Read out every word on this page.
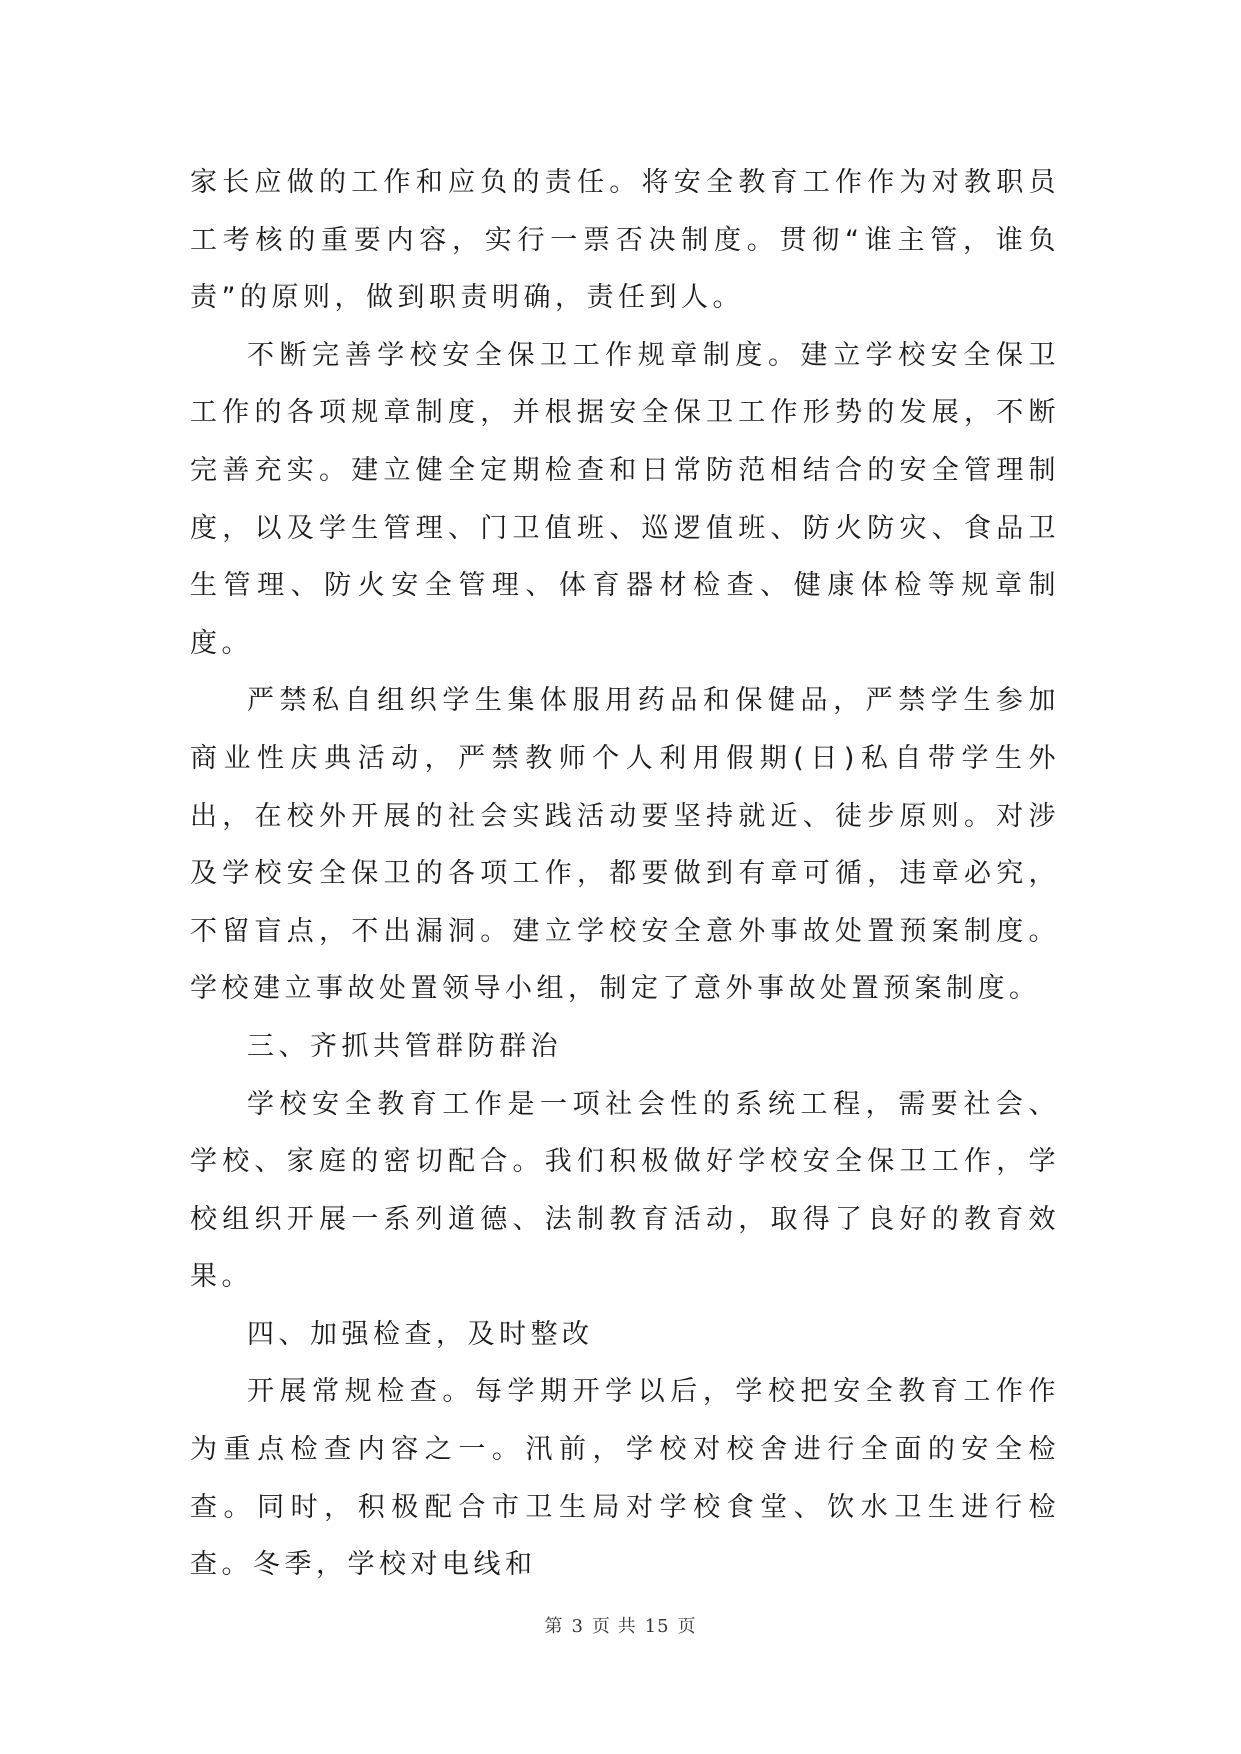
家长应做的工作和应负的责任。将安全教育工作作为对教职员工考核的重要内容，实行一票否决制度。贯彻“谁主管，谁负责”的原则，做到职责明确，责任到人。

不断完善学校安全保卫工作规章制度。建立学校安全保卫工作的各项规章制度，并根据安全保卫工作形势的发展，不断完善充实。建立健全定期检查和日常防范相结合的安全管理制度，以及学生管理、门卫值班、巡逻值班、防火防灾、食品卫生管理、防火安全管理、体育器材检查、健康体检等规章制度。

严禁私自组织学生集体服用药品和保健品，严禁学生参加商业性庆典活动，严禁教师个人利用假期(日)私自带学生外出，在校外开展的社会实践活动要坚持就近、徒步原则。对涉及学校安全保卫的各项工作，都要做到有章可循，违章必究，不留盲点，不出漏洞。建立学校安全意外事故处置预案制度。学校建立事故处置领导小组，制定了意外事故处置预案制度。

三、齐抓共管群防群治

学校安全教育工作是一项社会性的系统工程，需要社会、学校、家庭的密切配合。我们积极做好学校安全保卫工作，学校组织开展一系列道德、法制教育活动，取得了良好的教育效果。

四、加强检查，及时整改

开展常规检查。每学期开学以后，学校把安全教育工作作为重点检查内容之一。汛前，学校对校舍进行全面的安全检查。同时，积极配合市卫生局对学校食堂、饮水卫生进行检查。冬季，学校对电线和

第 3 页 共 15 页
